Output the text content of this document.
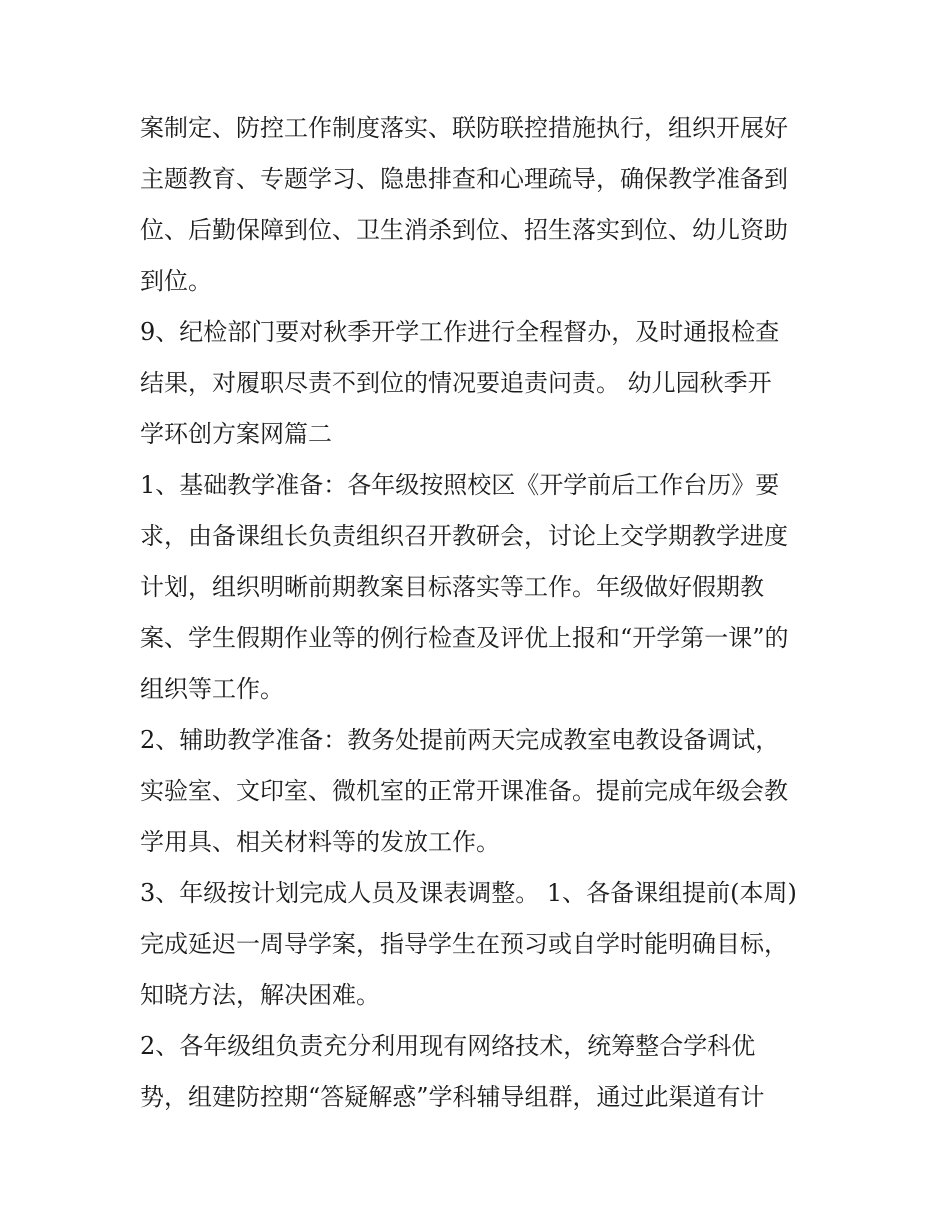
案制定、防控工作制度落实、联防联控措施执行，组织开展好
主题教育、专题学习、隐患排查和心理疏导，确保教学准备到
位、后勤保障到位、卫生消杀到位、招生落实到位、幼儿资助
到位。
9、纪检部门要对秋季开学工作进行全程督办，及时通报检查
结果，对履职尽责不到位的情况要追责问责。 幼儿园秋季开
学环创方案网篇二
1、基础教学准备：各年级按照校区《开学前后工作台历》要
求，由备课组长负责组织召开教研会，讨论上交学期教学进度
计划，组织明晰前期教案目标落实等工作。年级做好假期教
案、学生假期作业等的例行检查及评优上报和“开学第一课”的
组织等工作。
2、辅助教学准备：教务处提前两天完成教室电教设备调试，
实验室、文印室、微机室的正常开课准备。提前完成年级会教
学用具、相关材料等的发放工作。
3、年级按计划完成人员及课表调整。 1、各备课组提前(本周)
完成延迟一周导学案，指导学生在预习或自学时能明确目标，
知晓方法，解决困难。
2、各年级组负责充分利用现有网络技术，统筹整合学科优
势，组建防控期“答疑解惑”学科辅导组群，通过此渠道有计
